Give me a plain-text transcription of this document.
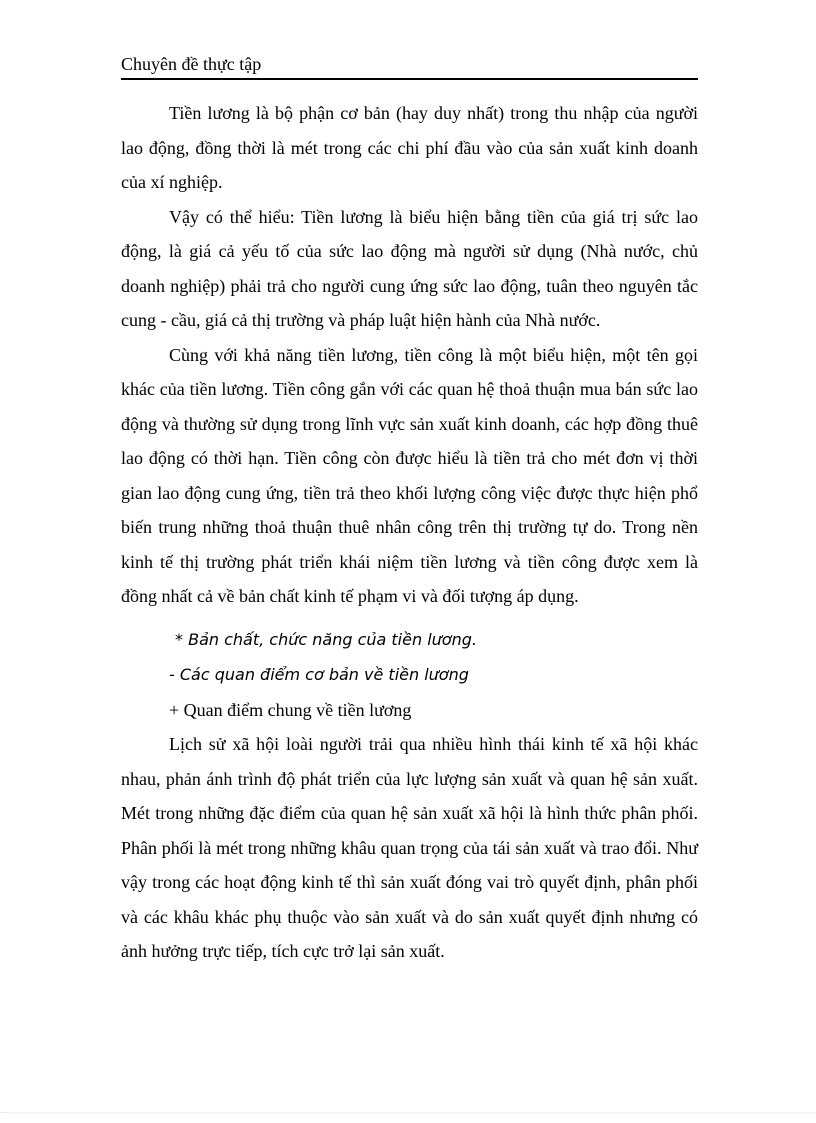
Chuyên đề thực tập

Tiền lương là bộ phận cơ bản (hay duy nhất) trong thu nhập của người lao động, đồng thời là mét trong các chi phí đầu vào của sản xuất kinh doanh của xí nghiệp.

Vậy có thể hiểu: Tiền lương là biểu hiện bằng tiền của giá trị sức lao động, là giá cả yếu tố của sức lao động mà người sử dụng (Nhà nước, chủ doanh nghiệp) phải trả cho người cung ứng sức lao động, tuân theo nguyên tắc cung - cầu, giá cả thị trường và pháp luật hiện hành của Nhà nước.

Cùng với khả năng tiền lương, tiền công là một biểu hiện, một tên gọi khác của tiền lương. Tiền công gắn với các quan hệ thoả thuận mua bán sức lao động và thường sử dụng trong lĩnh vực sản xuất kinh doanh, các hợp đồng thuê lao động có thời hạn. Tiền công còn được hiểu là tiền trả cho mét đơn vị thời gian lao động cung ứng, tiền trả theo khối lượng công việc được thực hiện phổ biến trung những thoả thuận thuê nhân công trên thị trường tự do. Trong nền kinh tế thị trường phát triển khái niệm tiền lương và tiền công được xem là đồng nhất cả về bản chất kinh tế phạm vi và đối tượng áp dụng.

* Bản chất, chức năng của tiền lương.

- Các quan điểm cơ bản về tiền lương

+ Quan điểm chung về tiền lương

Lịch sử xã hội loài người trải qua nhiều hình thái kinh tế xã hội khác nhau, phản ánh trình độ phát triển của lực lượng sản xuất và quan hệ sản xuất. Mét trong những đặc điểm của quan hệ sản xuất xã hội là hình thức phân phối. Phân phối là mét trong những khâu quan trọng của tái sản xuất và trao đổi. Như vậy trong các hoạt động kinh tế thì sản xuất đóng vai trò quyết định, phân phối và các khâu khác phụ thuộc vào sản xuất và do sản xuất quyết định nhưng có ảnh hưởng trực tiếp, tích cực trở lại sản xuất.
